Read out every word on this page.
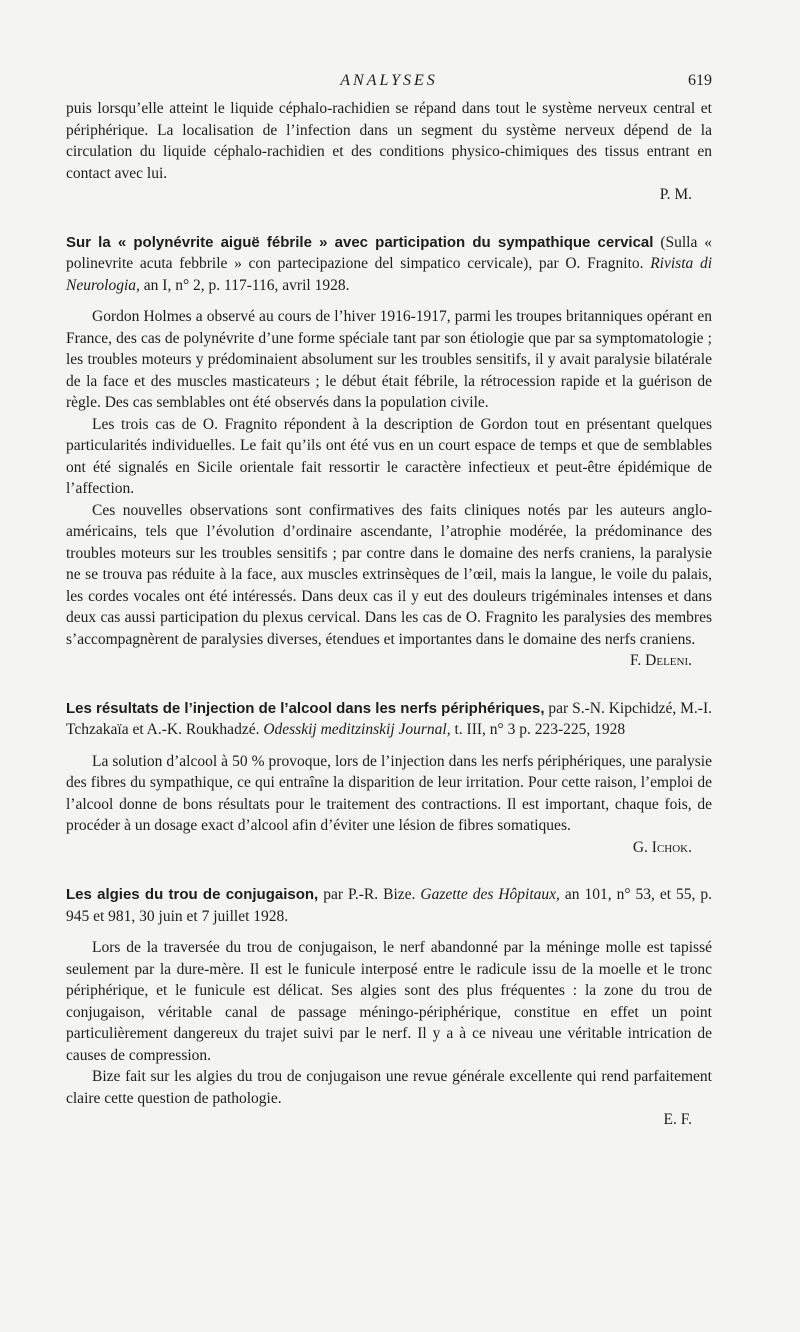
ANALYSES	619

puis lorsqu’elle atteint le liquide céphalo-rachidien se répand dans tout le système nerveux central et périphérique. La localisation de l’infection dans un segment du système nerveux dépend de la circulation du liquide céphalo-rachidien et des conditions physico-chimiques des tissus entrant en contact avec lui.

P. M.
Sur la « polynévrite aiguë fébrile » avec participation du sympathique cervical (Sulla « polinevrite acuta febbrile » con partecipazione del simpatico cervicale), par O. Fragnito. Rivista di Neurologia, an I, n° 2, p. 117-116, avril 1928.

Gordon Holmes a observé au cours de l’hiver 1916-1917, parmi les troupes britanniques opérant en France, des cas de polynévrite d’une forme spéciale tant par son étiologie que par sa symptomatologie ; les troubles moteurs y prédominaient absolument sur les troubles sensitifs, il y avait paralysie bilatérale de la face et des muscles masticateurs ; le début était fébrile, la rétrocession rapide et la guérison de règle. Des cas semblables ont été observés dans la population civile.

Les trois cas de O. Fragnito répondent à la description de Gordon tout en présentant quelques particularités individuelles. Le fait qu’ils ont été vus en un court espace de temps et que de semblables ont été signalés en Sicile orientale fait ressortir le caractère infectieux et peut-être épidémique de l’affection.

Ces nouvelles observations sont confirmatives des faits cliniques notés par les auteurs anglo-américains, tels que l’évolution d’ordinaire ascendante, l’atrophie modérée, la prédominance des troubles moteurs sur les troubles sensitifs ; par contre dans le domaine des nerfs craniens, la paralysie ne se trouva pas réduite à la face, aux muscles extrinsèques de l’œil, mais la langue, le voile du palais, les cordes vocales ont été intéressés. Dans deux cas il y eut des douleurs trigéminales intenses et dans deux cas aussi participation du plexus cervical. Dans les cas de O. Fragnito les paralysies des membres s’accompagnèrent de paralysies diverses, étendues et importantes dans le domaine des nerfs craniens.

F. Deleni.
Les résultats de l’injection de l’alcool dans les nerfs périphériques, par S.-N. Kipchidzé, M.-I. Tchzakaïa et A.-K. Roukhadzé. Odesskij meditzinskij Journal, t. III, n° 3 p. 223-225, 1928

La solution d’alcool à 50 % provoque, lors de l’injection dans les nerfs périphériques, une paralysie des fibres du sympathique, ce qui entraîne la disparition de leur irritation. Pour cette raison, l’emploi de l’alcool donne de bons résultats pour le traitement des contractions. Il est important, chaque fois, de procéder à un dosage exact d’alcool afin d’éviter une lésion de fibres somatiques.

G. Ichok.
Les algies du trou de conjugaison, par P.-R. Bize. Gazette des Hôpitaux, an 101, n° 53, et 55, p. 945 et 981, 30 juin et 7 juillet 1928.

Lors de la traversée du trou de conjugaison, le nerf abandonné par la méninge molle est tapissé seulement par la dure-mère. Il est le funicule interposé entre le radicule issu de la moelle et le tronc périphérique, et le funicule est délicat. Ses algies sont des plus fréquentes : la zone du trou de conjugaison, véritable canal de passage méningo-périphérique, constitue en effet un point particulièrement dangereux du trajet suivi par le nerf. Il y a à ce niveau une véritable intrication de causes de compression.

Bize fait sur les algies du trou de conjugaison une revue générale excellente qui rend parfaitement claire cette question de pathologie.

E. F.
